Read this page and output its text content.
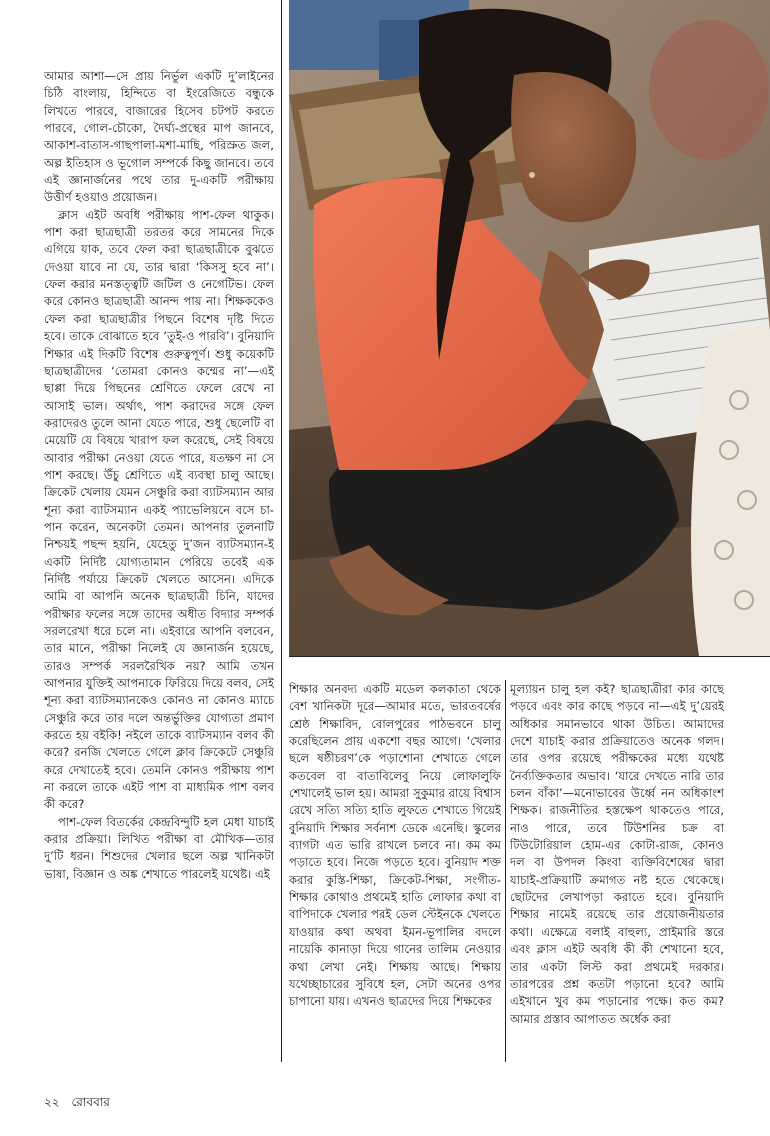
আমার আশা—সে প্রায় নির্ভুল একটি দু’লাইনের চিঠি বাংলায়, হিন্দিতে বা ইংরেজিতে বন্ধুকে লিখতে পারবে, বাজারের হিসেব চটপট করতে পারবে, গোল-চৌকো, দৈর্ঘ্য-প্রস্থের মাপ জানবে, আকাশ-বাতাস-গাছপালা-মশা-মাছি, পরিস্রুত জল, অল্প ইতিহাস ও ভূগোল সম্পর্কে কিছু জানবে। তবে এই জ্ঞানার্জনের পথে তার দু-একটি পরীক্ষায় উত্তীর্ণ হওয়াও প্রয়োজন।

ক্লাস এইট অবধি পরীক্ষায় পাশ-ফেল থাকুক। পাশ করা ছাত্রছাত্রী তরতর করে সামনের দিকে এগিয়ে যাক, তবে ফেল করা ছাত্রছাত্রীকে বুঝতে দেওয়া যাবে না যে, তার দ্বারা ‘কিসসু হবে না’। ফেল করার মনস্তত্ত্বটি জটিল ও নেগেটিভ। ফেল করে কোনও ছাত্রছাত্রী আনন্দ পায় না। শিক্ষককেও ফেল করা ছাত্রছাত্রীর পিছনে বিশেষ দৃষ্টি দিতে হবে। তাকে বোঝাতে হবে ‘তুই-ও পারবি’। বুনিয়াদি শিক্ষার এই দিকটি বিশেষ গুরুত্বপূর্ণ। শুধু কয়েকটি ছাত্রছাত্রীদের ‘তোমরা কোনও কম্মের না’—এই ছাপ্পা দিয়ে পিছনের শ্রেণিতে ফেলে রেখে না আসাই ভাল। অর্থাৎ, পাশ করাদের সঙ্গে ফেল করাদেরও তুলে আনা যেতে পারে, শুধু ছেলেটি বা মেয়েটি যে বিষয়ে খারাপ ফল করেছে, সেই বিষয়ে আবার পরীক্ষা নেওয়া যেতে পারে, যতক্ষণ না সে পাশ করছে। উঁচু শ্রেণিতে এই ব্যবস্থা চালু আছে। ক্রিকেট খেলায় যেমন সেঞ্চুরি করা ব্যাটসম্যান আর শূন্য করা ব্যাটসম্যান একই প্যাভেলিয়নে বসে চা-পান করেন, অনেকটা তেমন। আপনার তুলনাটি নিশ্চয়ই পছন্দ হয়নি, যেহেতু দু’জন ব্যাটসম্যান-ই একটি নির্দিষ্ট যোগ্যতামান পেরিয়ে তবেই এক নির্দিষ্ট পর্যায়ে ক্রিকেট খেলতে আসেন। এদিকে আমি বা আপনি অনেক ছাত্রছাত্রী চিনি, যাদের পরীক্ষার ফলের সঙ্গে তাদের অধীত বিদ্যার সম্পর্ক সরলরেখা ধরে চলে না। এইবারে আপনি বলবেন, তার মানে, পরীক্ষা নিলেই যে জ্ঞানার্জন হয়েছে, তারও সম্পর্ক সরলরৈখিক নয়? আমি তখন আপনার যুক্তিই আপনাকে ফিরিয়ে দিয়ে বলব, সেই শূন্য করা ব্যাটসম্যানকেও কোনও না কোনও ম্যাচে সেঞ্চুরি করে তার দলে অন্তর্ভুক্তির যোগ্যতা প্রমাণ করতে হয় বইকি! নইলে তাকে ব্যাটসম্যান বলব কী করে? রনজি খেলতে গেলে ক্লাব ক্রিকেটে সেঞ্চুরি করে দেখাতেই হবে। তেমনি কোনও পরীক্ষায় পাশ না করলে তাকে এইট পাশ বা মাধ্যমিক পাশ বলব কী করে?

পাশ-ফেল বিতর্কের কেন্দ্রবিন্দুটি হল মেধা যাচাই করার প্রক্রিয়া। লিখিত পরীক্ষা বা মৌখিক—তার দু’টি ধরন। শিশুদের খেলার ছলে অল্প খানিকটা ভাষা, বিজ্ঞান ও অঙ্ক শেখাতে পারলেই যথেষ্ট। এই

শিক্ষার অনবদ্য একটি মডেল কলকাতা থেকে বেশ খানিকটা দূরে—আমার মতে, ভারতবর্ষের শ্রেষ্ঠ শিক্ষাবিদ, বোলপুরের পাঠভবনে চালু করেছিলেন প্রায় একশো বছর আগে। ‘খেলার ছলে ষষ্ঠীচরণ’কে পড়াশোনা শেখাতে গেলে কতবেল বা বাতাবিলেবু নিয়ে লোফালুফি শেখালেই ভাল হয়। আমরা সুকুমার রায়ে বিশ্বাস রেখে সত্যি সত্যি হাতি লুফতে শেখাতে গিয়েই বুনিয়াদি শিক্ষার সর্বনাশ ডেকে এনেছি। স্কুলের ব্যাগটা এত ভারি রাখলে চলবে না। কম কম পড়াতে হবে। নিজে পড়তে হবে। বুনিয়াদ শক্ত করার কুস্তি-শিক্ষা, ক্রিকেট-শিক্ষা, সংগীত-শিক্ষার কোথাও প্রথমেই হাতি লোফার কথা বা বাপিদাকে খেলার পরই ডেল স্টেইনকে খেলতে যাওয়ার কথা অথবা ইমন-ভূপালির বদলে নায়েকি কানাড়া দিয়ে গানের তালিম নেওয়ার কথা লেখা নেই। শিক্ষায় আছে। শিক্ষায় যথেচ্ছাচারের সুবিধে হল, সেটা অনের ওপর চাপানো যায়। এখনও ছাত্রদের দিয়ে শিক্ষকের

মূল্যায়ন চালু হল কই? ছাত্রছাত্রীরা কার কাছে পড়বে এবং কার কাছে পড়বে না—এই দু’য়েরই অধিকার সমানভাবে থাকা উচিত। আমাদের দেশে যাচাই করার প্রক্রিয়াতেও অনেক গলদ। তার ওপর রয়েছে পরীক্ষকের মধ্যে যথেষ্ট নৈর্ব্যক্তিকতার অভাব। ‘যারে দেখতে নারি তার চলন বাঁকা’—মনোভাবের উর্ধ্বে নন অধিকাংশ শিক্ষক। রাজনীতির হস্তক্ষেপ থাকতেও পারে, নাও পারে, তবে টিউশনির চক্র বা টিউটোরিয়াল হোম-এর কোটা-রাজ, কোনও দল বা উপদল কিংবা ব্যক্তিবিশেষের দ্বারা যাচাই-প্রক্রিয়াটি ক্রমাগত নষ্ট হতে থেকেছে। ছোটদের লেখাপড়া করাতে হবে। বুনিয়াদি শিক্ষার নামেই রয়েছে তার প্রয়োজনীয়তার কথা। এক্ষেত্রে বলাই বাহুল্য, প্রাইমারি স্তরে এবং ক্লাস এইট অবধি কী কী শেখানো হবে, তার একটা লিস্ট করা প্রথমেই দরকার। তারপরের প্রশ্ন কতটা পড়ানো হবে? আমি এইখানে খুব কম পড়ানোর পক্ষে। কত কম? আমার প্রস্তাব আপাতত অর্ধেক করা

২২ রোববার
